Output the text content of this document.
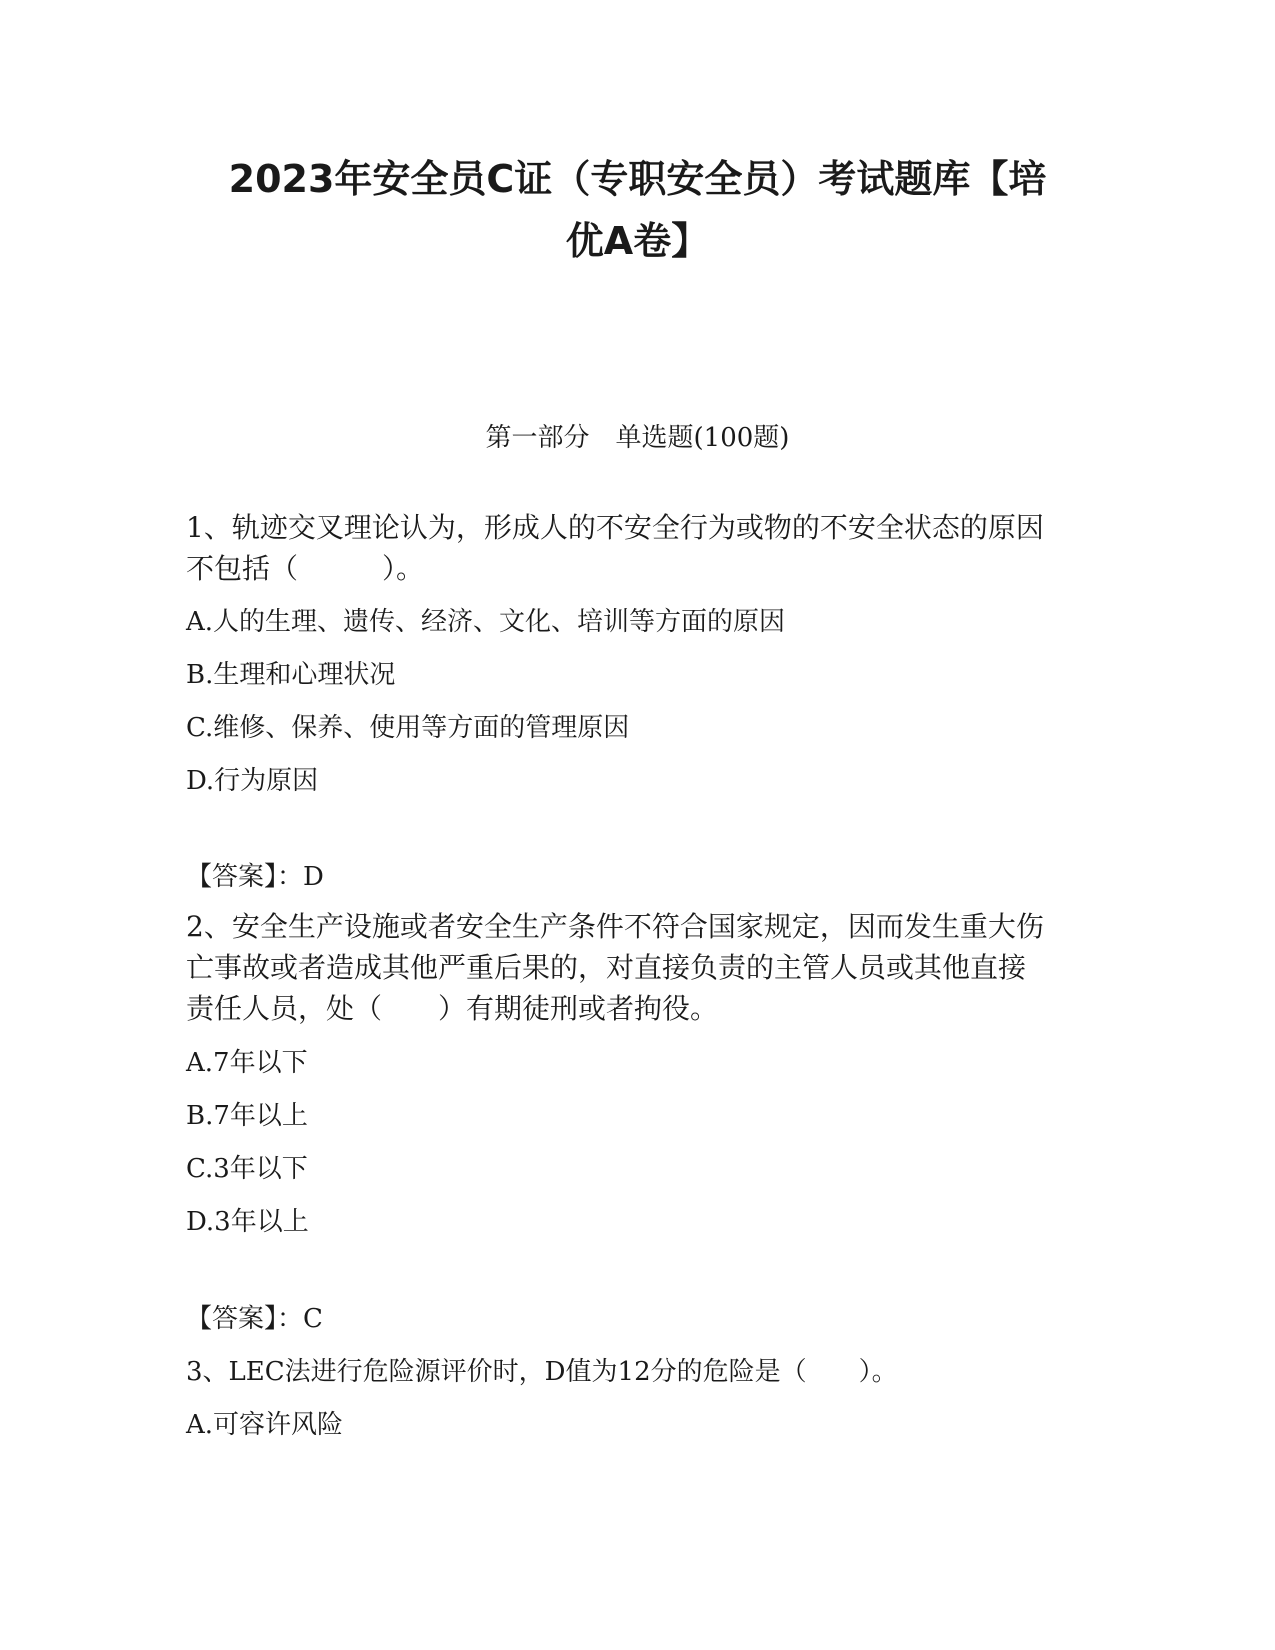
2023年安全员C证（专职安全员）考试题库【培
优A卷】
第一部分　单选题(100题)
1、轨迹交叉理论认为，形成人的不安全行为或物的不安全状态的原因
不包括（　　　）。
A.人的生理、遗传、经济、文化、培训等方面的原因
B.生理和心理状况
C.维修、保养、使用等方面的管理原因
D.行为原因
【答案】：D
2、安全生产设施或者安全生产条件不符合国家规定，因而发生重大伤
亡事故或者造成其他严重后果的，对直接负责的主管人员或其他直接
责任人员，处（　　）有期徒刑或者拘役。
A.7年以下
B.7年以上
C.3年以下
D.3年以上
【答案】：C
3、LEC法进行危险源评价时，D值为12分的危险是（　　）。
A.可容许风险
